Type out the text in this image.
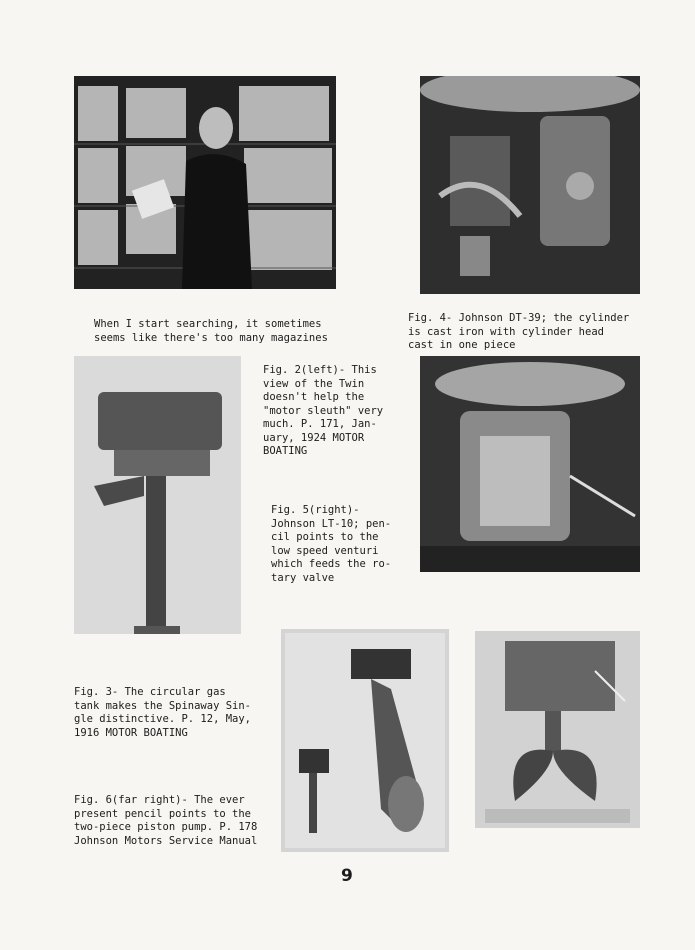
When I start searching, it sometimes
seems like there's too many magazines

Fig. 4- Johnson DT-39; the cylinder
is cast iron with cylinder head
cast in one piece

Fig. 2(left)- This
view of the Twin
doesn't help the
"motor sleuth" very
much. P. 171, Jan-
uary, 1924 MOTOR
BOATING

Fig. 5(right)-
Johnson LT-10; pen-
cil points to the
low speed venturi
which feeds the ro-
tary valve

Fig. 3- The circular gas
tank makes the Spinaway Sin-
gle distinctive. P. 12, May,
1916 MOTOR BOATING

Fig. 6(far right)- The ever
present pencil points to the
two-piece piston pump. P. 178
Johnson Motors Service Manual

9
